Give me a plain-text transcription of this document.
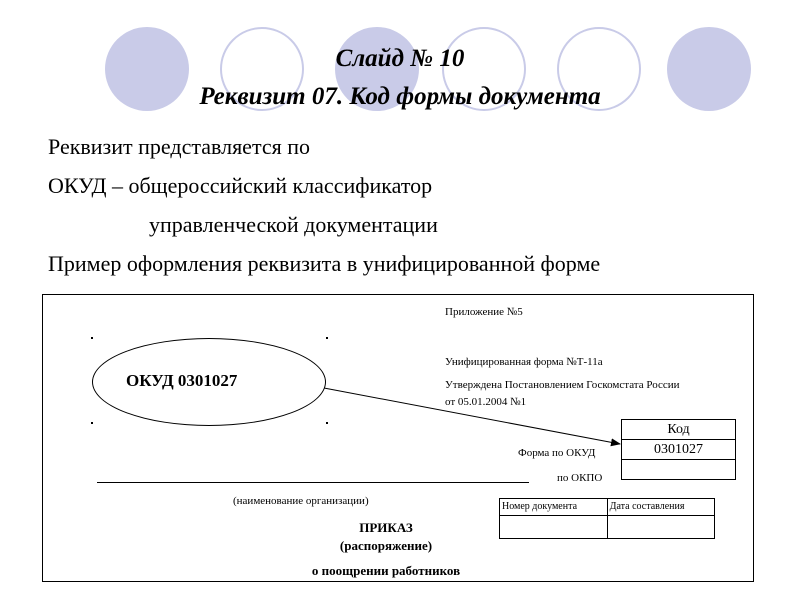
Слайд № 10
Реквизит 07. Код формы документа
Реквизит представляется по
ОКУД – общероссийский классификатор
управленческой документации
Пример оформления реквизита в унифицированной форме
Приложение №5
Унифицированная форма №Т-11а
Утверждена Постановлением Госкомстата России
от 05.01.2004 №1
ОКУД 0301027
Код
0301027

Форма по ОКУД
по ОКПО
(наименование организации)	Номер документа	Дата составления

ПРИКАЗ
(распоряжение)
о поощрении работников
